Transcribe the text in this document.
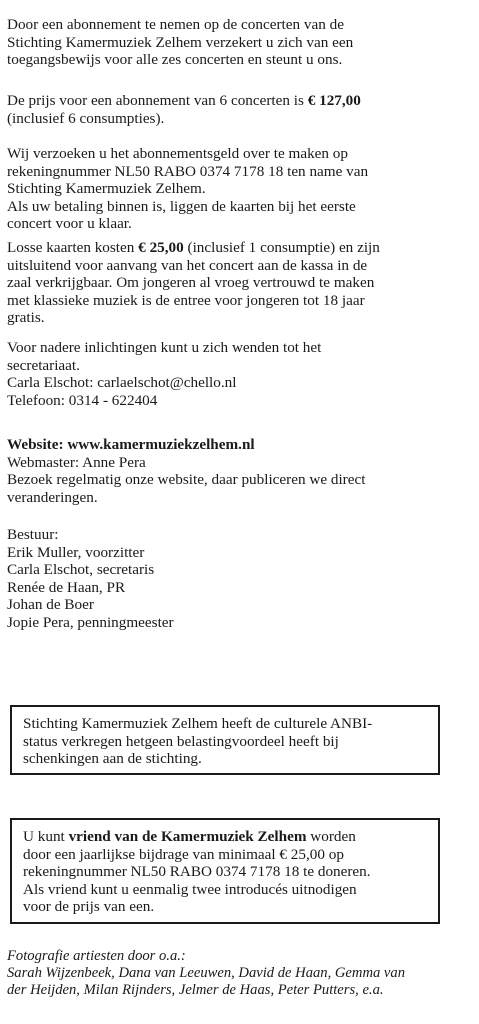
Door een abonnement te nemen op de concerten van de

Stichting Kamermuziek Zelhem verzekert u zich van een

toegangsbewijs voor alle zes concerten en steunt u ons.

De prijs voor een abonnement van 6 concerten is € 127,00

(inclusief 6 consumpties).

Wij verzoeken u het abonnementsgeld over te maken op

rekeningnummer NL50 RABO 0374 7178 18 ten name van

Stichting Kamermuziek Zelhem.

Als uw betaling binnen is, liggen de kaarten bij het eerste

concert voor u klaar.

Losse kaarten kosten € 25,00 (inclusief 1 consumptie) en zijn

uitsluitend voor aanvang van het concert aan de kassa in de

zaal verkrijgbaar. Om jongeren al vroeg vertrouwd te maken

met klassieke muziek is de entree voor jongeren tot 18 jaar

gratis.

Voor nadere inlichtingen kunt u zich wenden tot het

secretariaat.

Carla Elschot: carlaelschot@chello.nl

Telefoon: 0314 - 622404

Website: www.kamermuziekzelhem.nl

Webmaster: Anne Pera

Bezoek regelmatig onze website, daar publiceren we direct

veranderingen.

Bestuur:

Erik Muller, voorzitter

Carla Elschot, secretaris

Renée de Haan, PR

Johan de Boer

Jopie Pera, penningmeester

Stichting Kamermuziek Zelhem heeft de culturele ANBI-

status verkregen hetgeen belastingvoordeel heeft bij

schenkingen aan de stichting.

U kunt vriend van de Kamermuziek Zelhem worden

door een jaarlijkse bijdrage van minimaal € 25,00 op

rekeningnummer NL50 RABO 0374 7178 18 te doneren.

Als vriend kunt u eenmalig twee introducés uitnodigen

voor de prijs van een.

Fotografie artiesten door o.a.:

Sarah Wijzenbeek, Dana van Leeuwen, David de Haan, Gemma van

der Heijden, Milan Rijnders, Jelmer de Haas, Peter Putters, e.a.
